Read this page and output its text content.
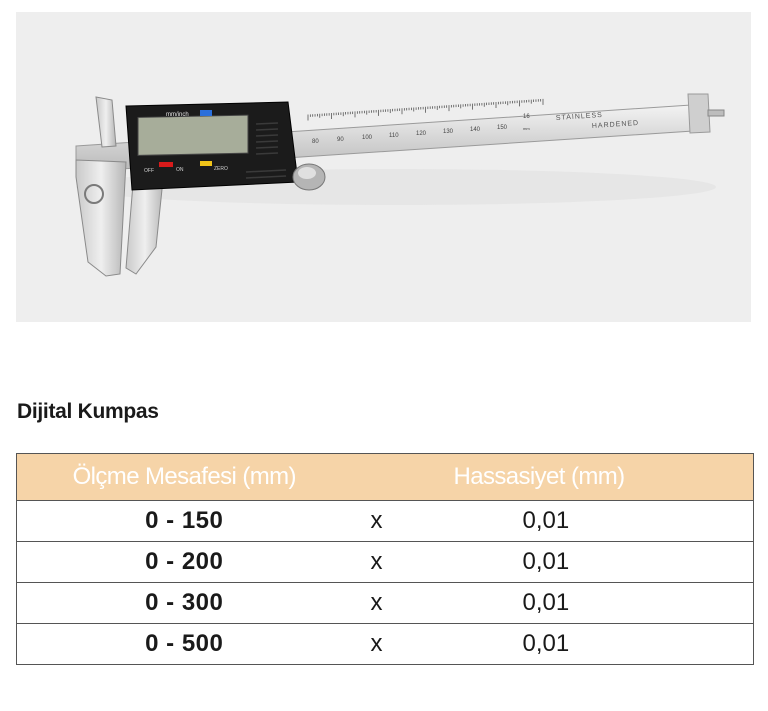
mm/inch
OFF	ON	ZERO
80	90	100	110	120	130	140	150
16
mm
STAINLESS
HARDENED
Dijital Kumpas
Ölçme Mesafesi (mm)		Hassasiyet (mm)
0 - 150	x	0,01
0 - 200	x	0,01
0 - 300	x	0,01
0 - 500	x	0,01
